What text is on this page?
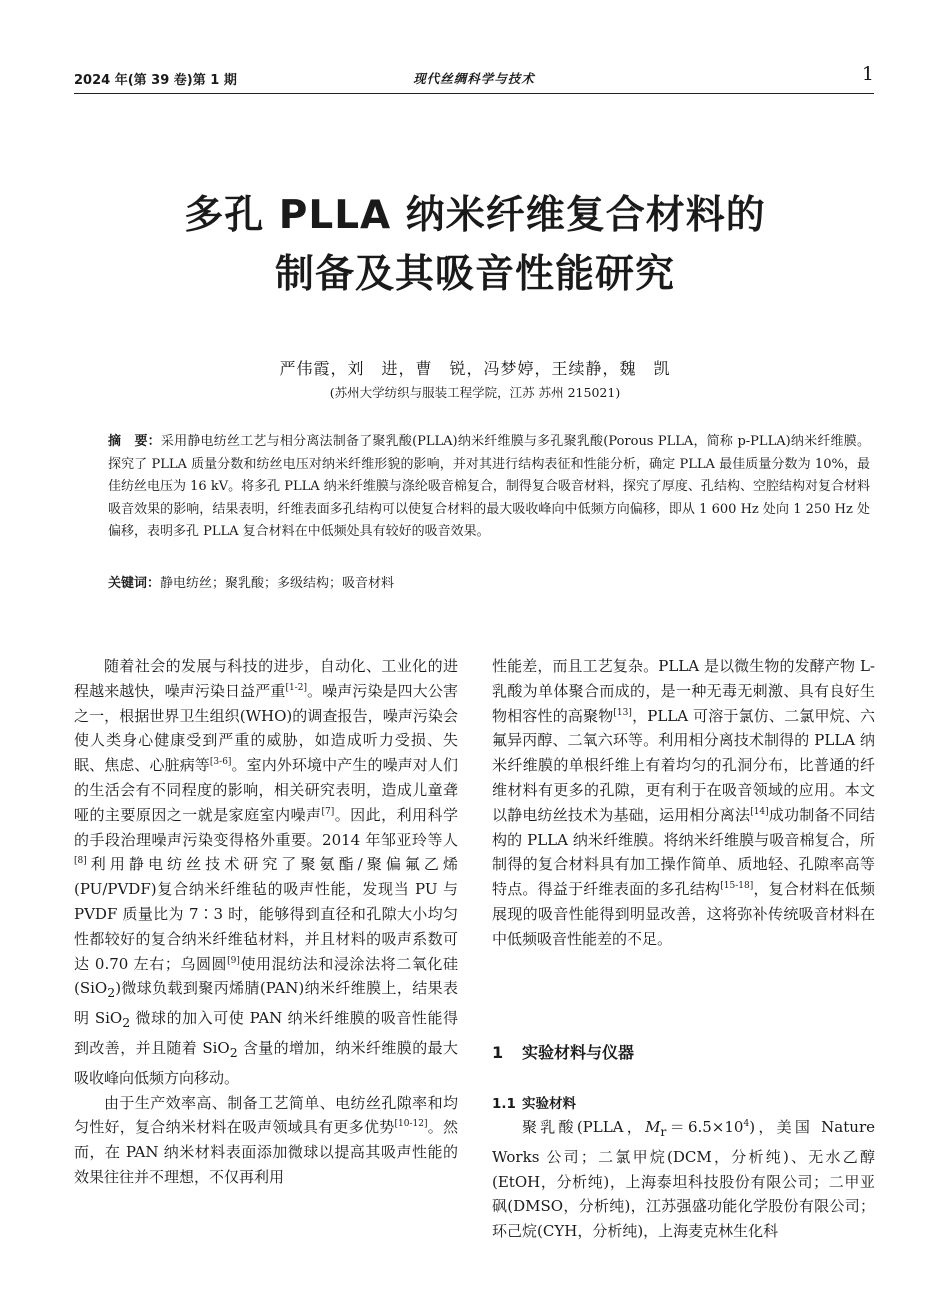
2024 年(第 39 卷)第 1 期	现代丝绸科学与技术	1
多孔 PLLA 纳米纤维复合材料的
制备及其吸音性能研究
严伟霞，刘　进，曹　锐，冯梦婷，王续静，魏　凯
(苏州大学纺织与服装工程学院，江苏 苏州 215021)
摘　要：采用静电纺丝工艺与相分离法制备了聚乳酸(PLLA)纳米纤维膜与多孔聚乳酸(Porous PLLA，简称 p-PLLA)纳米纤维膜。探究了 PLLA 质量分数和纺丝电压对纳米纤维形貌的影响，并对其进行结构表征和性能分析，确定 PLLA 最佳质量分数为 10%，最佳纺丝电压为 16 kV。将多孔 PLLA 纳米纤维膜与涤纶吸音棉复合，制得复合吸音材料，探究了厚度、孔结构、空腔结构对复合材料吸音效果的影响，结果表明，纤维表面多孔结构可以使复合材料的最大吸收峰向中低频方向偏移，即从 1 600 Hz 处向 1 250 Hz 处偏移，表明多孔 PLLA 复合材料在中低频处具有较好的吸音效果。
关键词：静电纺丝；聚乳酸；多级结构；吸音材料

随着社会的发展与科技的进步，自动化、工业化的进程越来越快，噪声污染日益严重[1-2]。噪声污染是四大公害之一，根据世界卫生组织(WHO)的调查报告，噪声污染会使人类身心健康受到严重的威胁，如造成听力受损、失眠、焦虑、心脏病等[3-6]。室内外环境中产生的噪声对人们的生活会有不同程度的影响，相关研究表明，造成儿童聋哑的主要原因之一就是家庭室内噪声[7]。因此，利用科学的手段治理噪声污染变得格外重要。2014 年邹亚玲等人[8]利用静电纺丝技术研究了聚氨酯/聚偏氟乙烯(PU/PVDF)复合纳米纤维毡的吸声性能，发现当 PU 与 PVDF 质量比为 7∶3 时，能够得到直径和孔隙大小均匀性都较好的复合纳米纤维毡材料，并且材料的吸声系数可达 0.70 左右；乌圆圆[9]使用混纺法和浸涂法将二氧化硅(SiO$_2$)微球负载到聚丙烯腈(PAN)纳米纤维膜上，结果表明 SiO$_2$ 微球的加入可使 PAN 纳米纤维膜的吸音性能得到改善，并且随着 SiO$_2$ 含量的增加，纳米纤维膜的最大吸收峰向低频方向移动。

由于生产效率高、制备工艺简单、电纺丝孔隙率和均匀性好，复合纳米材料在吸声领域具有更多优势[10-12]。然而，在 PAN 纳米材料表面添加微球以提高其吸声性能的效果往往并不理想，不仅再利用

性能差，而且工艺复杂。PLLA 是以微生物的发酵产物 L-乳酸为单体聚合而成的，是一种无毒无刺激、具有良好生物相容性的高聚物[13]，PLLA 可溶于氯仿、二氯甲烷、六氟异丙醇、二氧六环等。利用相分离技术制得的 PLLA 纳米纤维膜的单根纤维上有着均匀的孔洞分布，比普通的纤维材料有更多的孔隙，更有利于在吸音领域的应用。本文以静电纺丝技术为基础，运用相分离法[14]成功制备不同结构的 PLLA 纳米纤维膜。将纳米纤维膜与吸音棉复合，所制得的复合材料具有加工操作简单、质地轻、孔隙率高等特点。得益于纤维表面的多孔结构[15-18]，复合材料在低频展现的吸音性能得到明显改善，这将弥补传统吸音材料在中低频吸音性能差的不足。

1 实验材料与仪器
1.1 实验材料

聚乳酸(PLLA，$M_r=6.5\times 10^4$)，美国 Nature Works 公司；二氯甲烷(DCM，分析纯)、无水乙醇(EtOH，分析纯)，上海泰坦科技股份有限公司；二甲亚砜(DMSO，分析纯)，江苏强盛功能化学股份有限公司；环己烷(CYH，分析纯)，上海麦克林生化科
